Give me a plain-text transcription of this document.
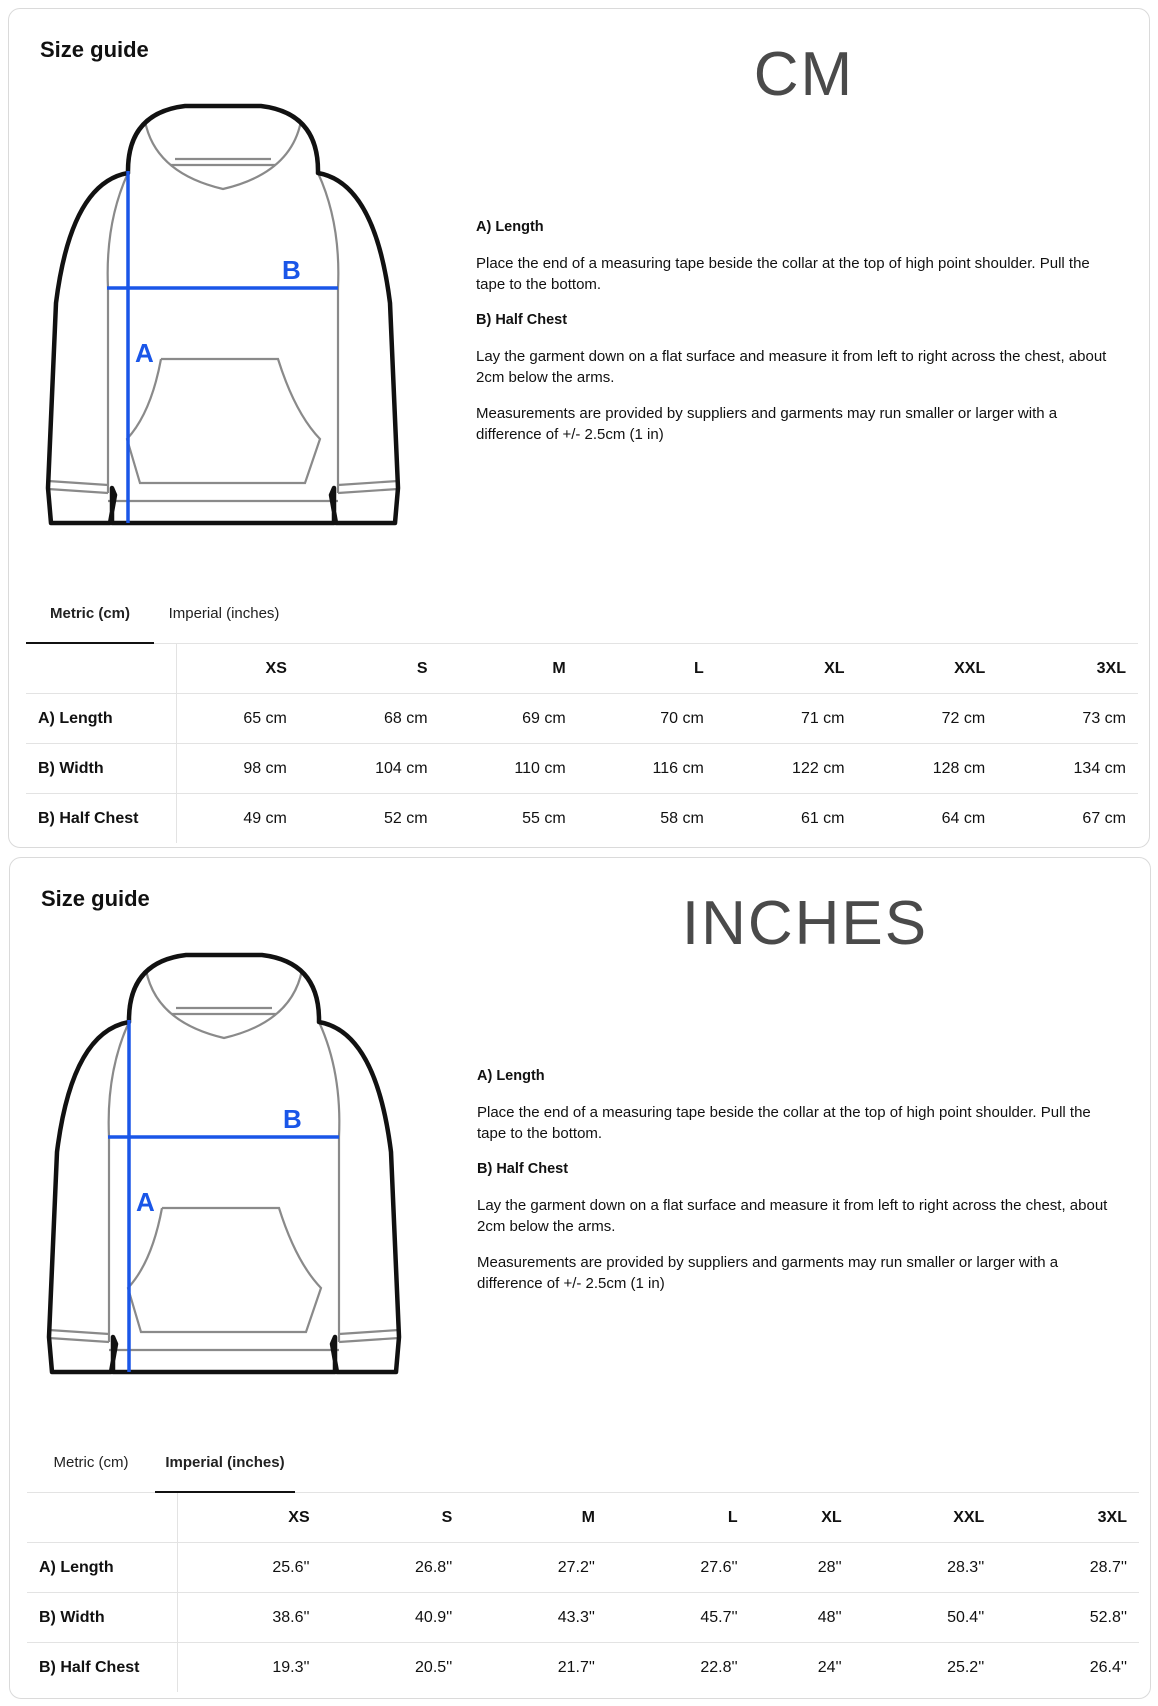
Size guide	CM
B
A

A) Length

Place the end of a measuring tape beside the collar at the top of high point shoulder. Pull the tape to the bottom.

B) Half Chest

Lay the garment down on a flat surface and measure it from left to right across the chest, about 2cm below the arms.

Measurements are provided by suppliers and garments may run smaller or larger with a difference of +/- 2.5cm (1 in)

Metric (cm)	Imperial (inches)
	XS	S	M	L	XL	XXL	3XL
A) Length	65 cm	68 cm	69 cm	70 cm	71 cm	72 cm	73 cm
B) Width	98 cm	104 cm	110 cm	116 cm	122 cm	128 cm	134 cm
B) Half Chest	49 cm	52 cm	55 cm	58 cm	61 cm	64 cm	67 cm
Size guide	INCHES
B
A

A) Length

Place the end of a measuring tape beside the collar at the top of high point shoulder. Pull the tape to the bottom.

B) Half Chest

Lay the garment down on a flat surface and measure it from left to right across the chest, about 2cm below the arms.

Measurements are provided by suppliers and garments may run smaller or larger with a difference of +/- 2.5cm (1 in)

Metric (cm)	Imperial (inches)
	XS	S	M	L	XL	XXL	3XL
A) Length	25.6''	26.8''	27.2''	27.6''	28''	28.3''	28.7''
B) Width	38.6''	40.9''	43.3''	45.7''	48''	50.4''	52.8''
B) Half Chest	19.3''	20.5''	21.7''	22.8''	24''	25.2''	26.4''
